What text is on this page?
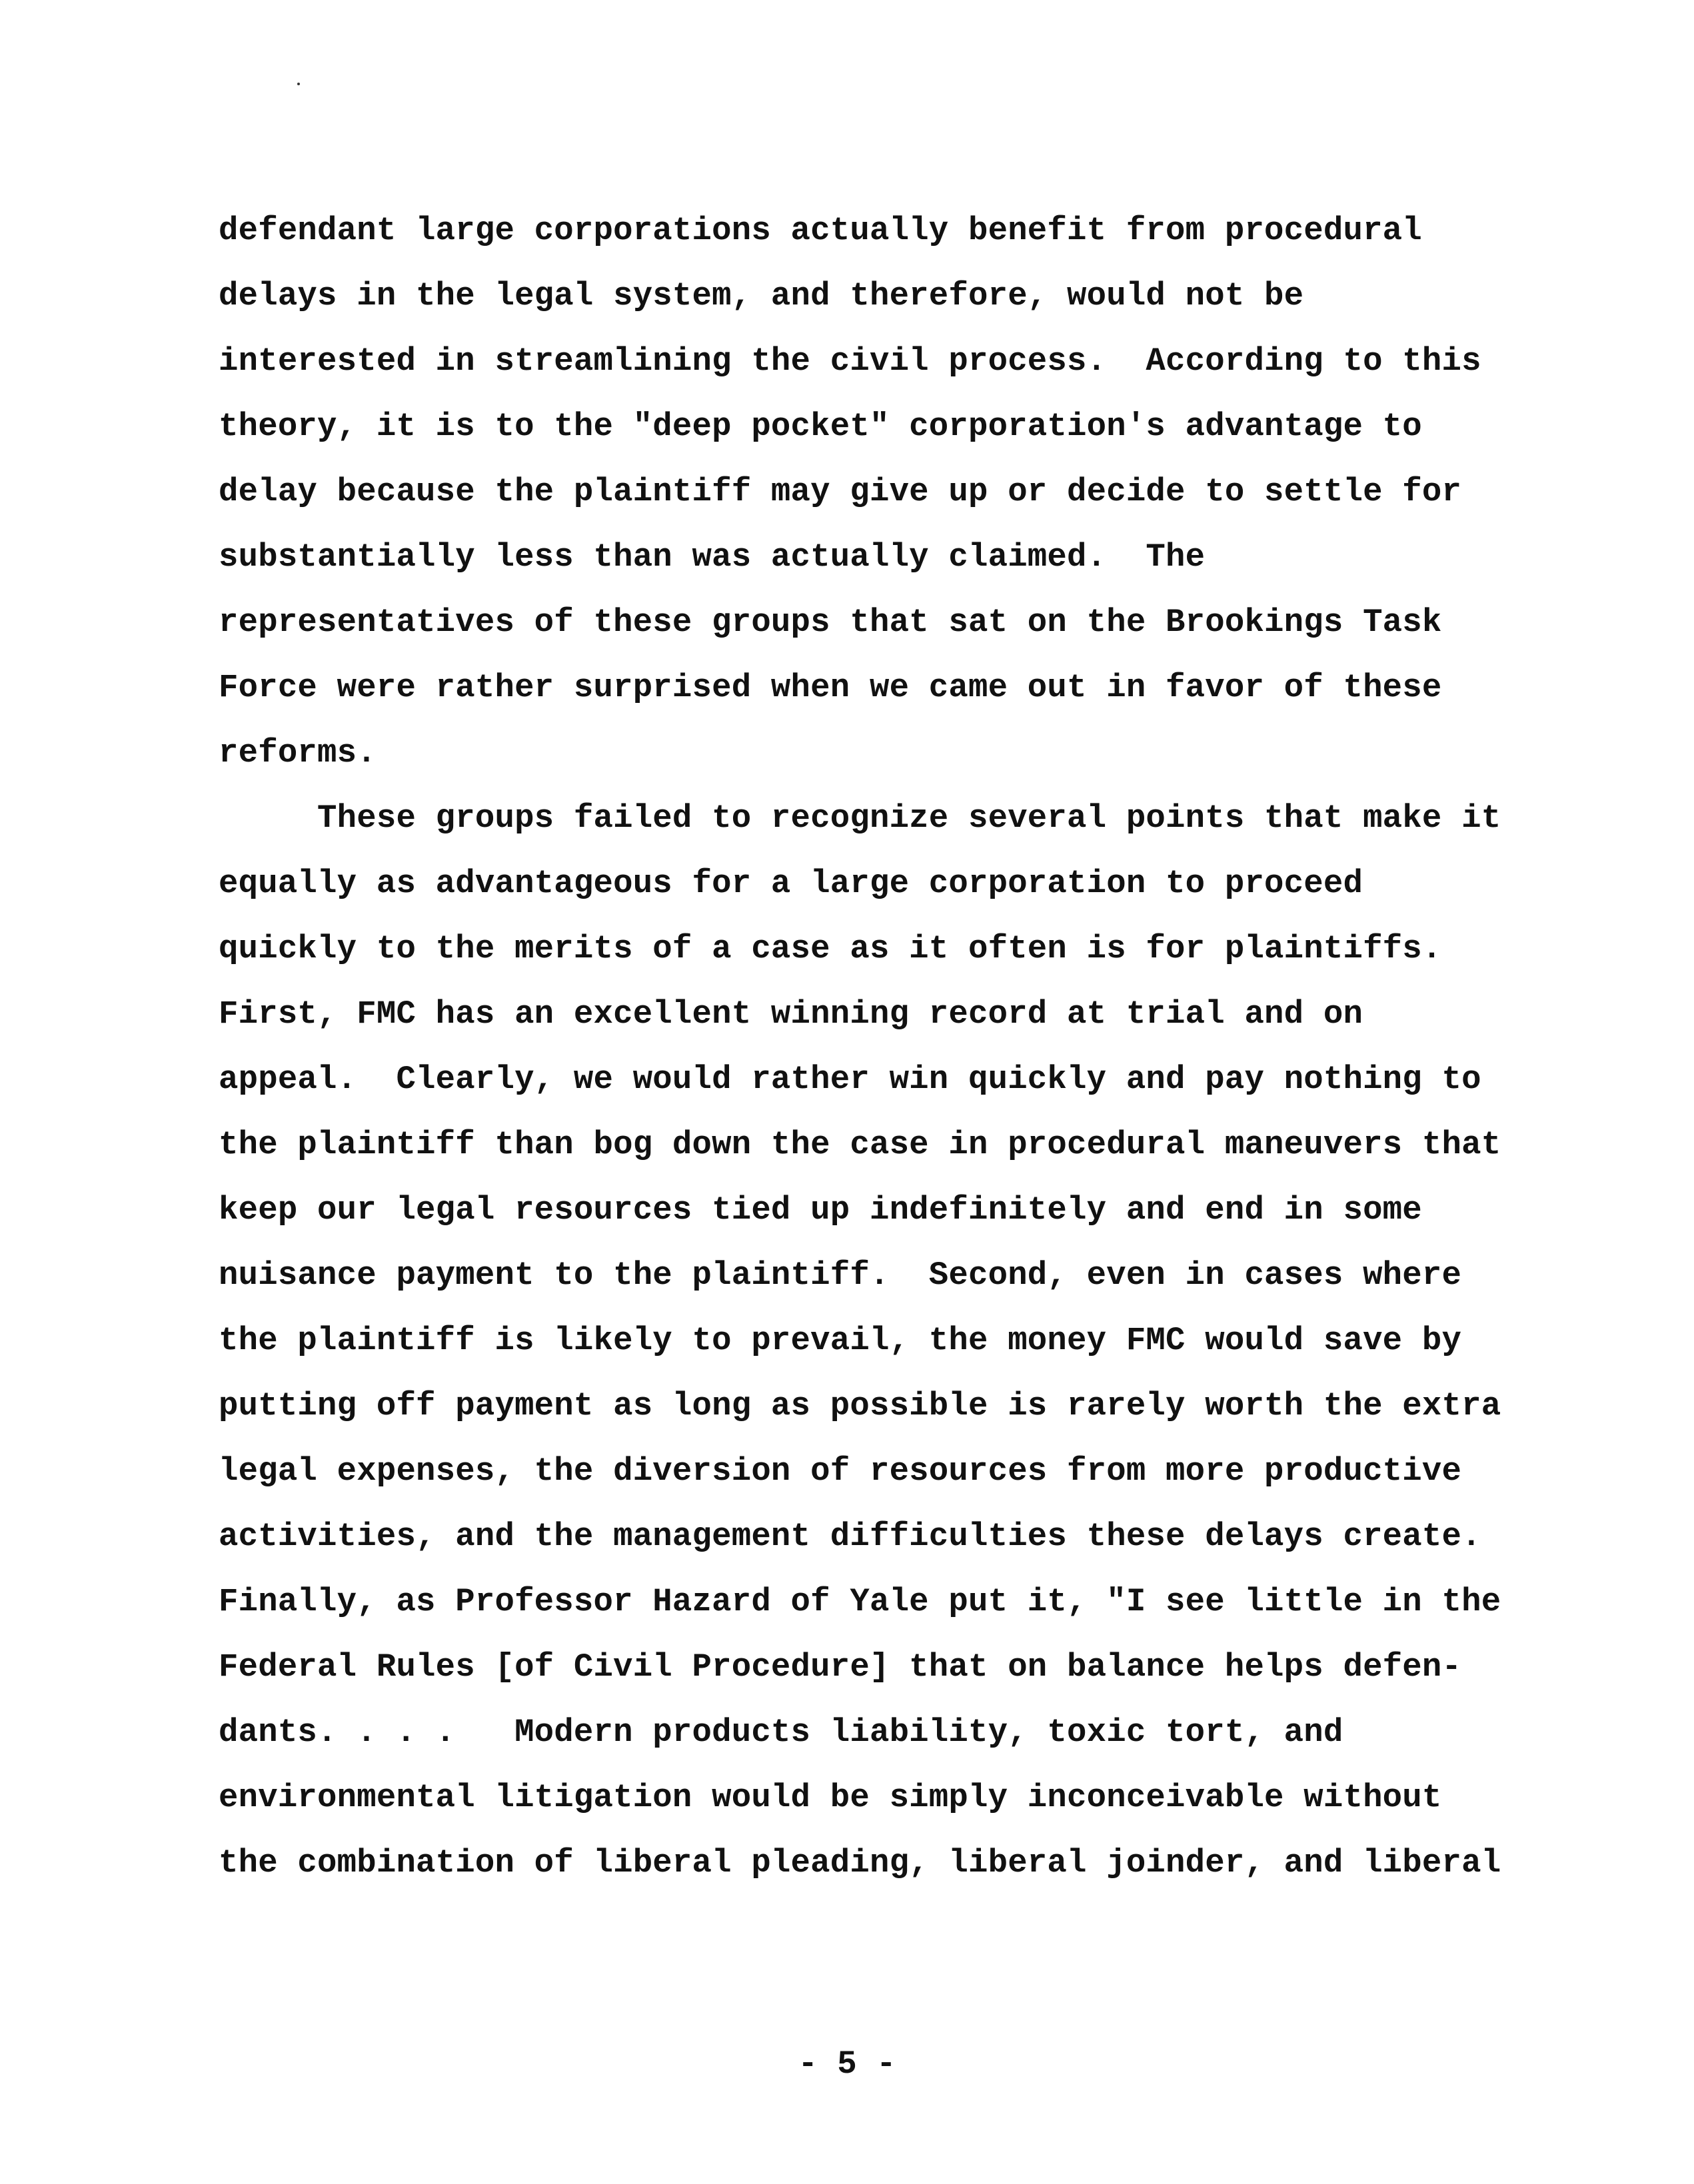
defendant large corporations actually benefit from procedural
delays in the legal system, and therefore, would not be
interested in streamlining the civil process.  According to this
theory, it is to the "deep pocket" corporation's advantage to
delay because the plaintiff may give up or decide to settle for
substantially less than was actually claimed.  The
representatives of these groups that sat on the Brookings Task
Force were rather surprised when we came out in favor of these
reforms.
These groups failed to recognize several points that make it
equally as advantageous for a large corporation to proceed
quickly to the merits of a case as it often is for plaintiffs.
First, FMC has an excellent winning record at trial and on
appeal.  Clearly, we would rather win quickly and pay nothing to
the plaintiff than bog down the case in procedural maneuvers that
keep our legal resources tied up indefinitely and end in some
nuisance payment to the plaintiff.  Second, even in cases where
the plaintiff is likely to prevail, the money FMC would save by
putting off payment as long as possible is rarely worth the extra
legal expenses, the diversion of resources from more productive
activities, and the management difficulties these delays create.
Finally, as Professor Hazard of Yale put it, "I see little in the
Federal Rules [of Civil Procedure] that on balance helps defen-
dants. . . .   Modern products liability, toxic tort, and
environmental litigation would be simply inconceivable without
the combination of liberal pleading, liberal joinder, and liberal
- 5 -
